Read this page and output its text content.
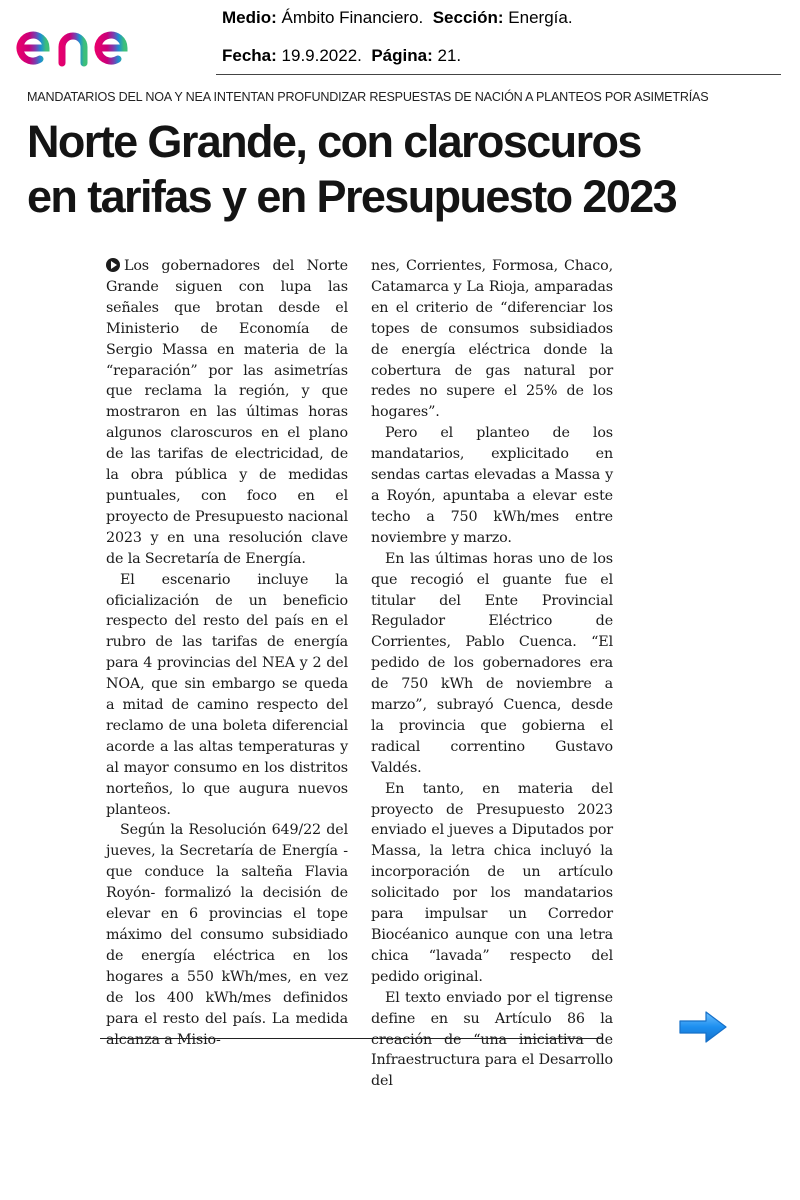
Medio: Ámbito Financiero. Sección: Energía.
Fecha: 19.9.2022. Página: 21.
MANDATARIOS DEL NOA Y NEA INTENTAN PROFUNDIZAR RESPUESTAS DE NACIÓN A PLANTEOS POR ASIMETRÍAS
Norte Grande, con claroscuros
en tarifas y en Presupuesto 2023

Los gobernadores del Norte Grande siguen con lupa las señales que brotan desde el Ministerio de Economía de Sergio Massa en materia de la “reparación” por las asimetrías que reclama la región, y que mostraron en las últimas horas algunos claroscuros en el plano de las tarifas de electricidad, de la obra pública y de medidas puntuales, con foco en el proyecto de Presupuesto nacional 2023 y en una resolución clave de la Secretaría de Energía.

El escenario incluye la oficialización de un beneficio respecto del resto del país en el rubro de las tarifas de energía para 4 provincias del NEA y 2 del NOA, que sin embargo se queda a mitad de camino respecto del reclamo de una boleta diferencial acorde a las altas temperaturas y al mayor consumo en los distritos norteños, lo que augura nuevos planteos.

Según la Resolución 649/22 del jueves, la Secretaría de Energía -que conduce la salteña Flavia Royón- formalizó la decisión de elevar en 6 provincias el tope máximo del consumo subsidiado de energía eléctrica en los hogares a 550 kWh/mes, en vez de los 400 kWh/mes definidos para el resto del país. La medida alcanza a Misio-

nes, Corrientes, Formosa, Chaco, Catamarca y La Rioja, amparadas en el criterio de “diferenciar los topes de consumos subsidiados de energía eléctrica donde la cobertura de gas natural por redes no supere el 25% de los hogares”.

Pero el planteo de los mandatarios, explicitado en sendas cartas elevadas a Massa y a Royón, apuntaba a elevar este techo a 750 kWh/mes entre noviembre y marzo.

En las últimas horas uno de los que recogió el guante fue el titular del Ente Provincial Regulador Eléctrico de Corrientes, Pablo Cuenca. “El pedido de los gobernadores era de 750 kWh de noviembre a marzo”, subrayó Cuenca, desde la provincia que gobierna el radical correntino Gustavo Valdés.

En tanto, en materia del proyecto de Presupuesto 2023 enviado el jueves a Diputados por Massa, la letra chica incluyó la incorporación de un artículo solicitado por los mandatarios para impulsar un Corredor Biocéanico aunque con una letra chica “lavada” respecto del pedido original.

El texto enviado por el tigrense define en su Artículo 86 la creación de “una iniciativa de Infraestructura para el Desarrollo del
